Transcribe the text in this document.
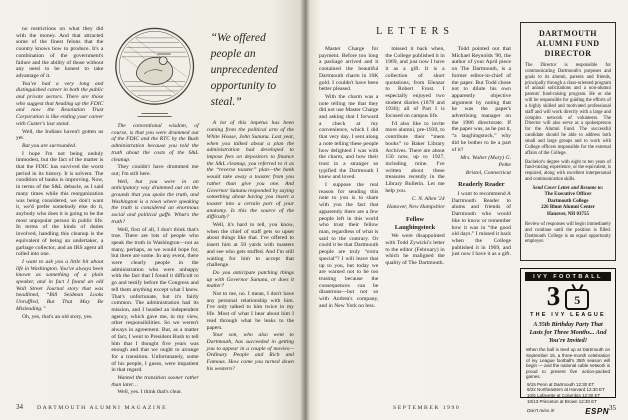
no restrictions on what they did with the money. And that attracted some of the finest felons that the country knows how to produce. It's a combination of the government's failure and the ability of those without any need to be honest to take advantage of it.

You've had a very long and distinguished career in both the public and private sectors. There are those who suggest that heading up the FDIC and now the Resolution Trust Corporation is like ending your career with Custer's last stand.

Well, the Indians haven't gotten us yet.

But you are surrounded.

I hope I'm not being unduly immodest, but the fact of the matter is that the FDIC has survived the worst period in its history. It is solvent. The condition of banks is improving. Now, in terms of the S&L debacle, as I said many times while this reorganization was being considered, we don't want it, we'd prefer somebody else do it, anybody who does it is going to be the most unpopular person in public life. In terms of the kinds of duties involved, handling this cleanup is the equivalent of being an undertaker, a garbage collector, and an IRS agent all rolled into one.

I want to ask you a little bit about life in Washington. You've always been known as something of a plain speaker, and in fact I found an old Wall Street Journal story that was headlined, “Bill Seidman Looks Unruffled, But That May Be Misleading.”

Oh, yes, that's an old story, yes.

The conventional wisdom, of course, is that you were drummed out of the FDIC and the RTC by the Bush administration because you told the truth about the costs of the S&L cleanup.

They couldn't have drummed me out; I'm still here.

Well, but you were in an anticipatory way drummed out on the grounds that you spoke the truth, and Washington is a town where speaking the truth is considered an enormous social and political gaffe. What's the truth?

Well, first of all, I don't think that's true. There are lots of people who speak the truth in Washington—not as many, perhaps, as we would hope for, but there are some. In any event, there were clearly people in the administration who were unhappy with the fact that I found it difficult to go and testify before the Congress and tell them anything except what I knew. That's unfortunate, but it's fairly common. The administration had its mission, and I headed an independent agency, which gave me, in my view, other responsibilities. So we weren't always in agreement. But, as a matter of fact, I went to President Bush to tell him that I thought five years was enough and that we ought to arrange for a transition. Unfortunately, some of his people, I guess, were impatient in that regard.

Wanted the transition sooner rather than later…

Well, yes. I think that's clear.

“We offered people an unprecedented opportunity to steal.”

A lot of this impetus has been coming from the political arm of the White House, John Sununu. Last year, when you talked about a plan the administration had developed to impose fees on depositors to finance the S&L cleanup, you referred to it as the “reverse toaster” plan—the bank would take away a toaster from you rather than give you one. And Governor Sununu responded by saying something about having you insert a toaster into a certain part of your anatomy. Is this the source of the difficulty?

Well, it's hard to tell, you know, when the chief of staff gets so upset about things like that. I've offered to insert him at 50 yards with toasters and see who gets stuffed. And I'm still waiting for him to accept that challenge.

Do you anticipate patching things up with Governor Sununu, or does it matter?

Not to me, no. I mean, I don't have any personal relationship with him. I've only talked to him twice in my life. Most of what I hear about him I read through what he leaks to the papers.

Your son, who also went to Dartmouth, has succeeded in getting you to appear in a couple of movies—Ordinary People and Rich and Famous. How come you turned down his western?

34	DARTMOUTH ALUMNI MAGAZINE
LETTERS

Master Charge for payment. Before too long a package arrived and it contained the beautiful Dartmouth charm in 10K gold. I couldn't have been better pleased.

With the charm was a note telling me that they did not use Master Charge and asking that I forward a check at my convenience, which I did that very day. I sent along a note telling these people how delighted I was with the charm, and how their trust in a stranger so typified the Dartmouth I knew and loved.

I suppose the real reason for sending this note to you is to share with you the fact that apparently there are a few people left in this world who trust their fellow man, regardless of what is said to the contrary. Or could it be that Dartmouth people are truly “extra special”? I will leave that up to you, but today we are warned not to be too trusting because the consequences can be disastrous—but not so with Andrea's company, and in New York no less.

missed it back when, the College published it in 1969, and just now I have it as a gift. It is a collection of short quotations, from Eleazar to Robert Frost. I especially enjoyed two student diaries (1878 and 1936); all of Part I is focused on campus life.

I'd also like to invite more alumni, pre-1930, to contribute their “mem books” to Baker Library Archives. There are about 150 now, up to 1927, including mine. I've written about these treasures recently in the Library Bulletin. Let me help you.

C. N. Allen '24

Hanover, New Hampshire

Fellow Laughingstock

We were disappointed with Todd Zywicki's letter to the editor (February) in which he maligned the quality of The Dartmouth.

Todd pointed out that Michael Reynolds '90, the author of your April piece on The Dartmouth, is a former editor-in-chief of the paper. But Todd chose not to dilute his own apparently objective argument by noting that he was the paper's advertising manager on the 1986 directorate. If the paper was, as he put it, “a laughingstock,” why did he bother to be a part of it?

Mrs. Walter (Mary) G. Petke

Bristol, Connecticut

Readerly Reader

I want to recommend A Dartmouth Reader to alums and friends of Dartmouth who would like to know or remember how it was in “the good old days.” I missed it back when the College published it in 1969, and just now I have it as a gift.

DARTMOUTH ALUMNI FUND DIRECTOR

The Director is responsible for communicating Dartmouth's purposes and goals to its alumni, parents and friends, principally through a class-oriented program of annual solicitations and a non-alumni parents' fund-raising program. He or she will be responsible for guiding the efforts of a highly skilled and motivated professional staff and will work directly with a large and complex network of volunteers. The Director will also serve as a spokesperson for the Alumni Fund. The successful candidate should be able to address both small and large groups and to work with College officers responsible for the external affairs of the College.

Bachelor's degree with eight to ten years of fund-raising experience, or the equivalent, is required, along with excellent interpersonal and communication skills.

Send Cover Letter and Resume to:

The Executive Officer
Dartmouth College
226 Blunt Alumni Center
Hanover, NH 03755

Review of responses will begin immediately and continue until the position is filled. Dartmouth College is an equal opportunity employer.

IVY FOOTBALL
3 5
THE IVY LEAGUE
A 35th Birthday Party That Lasts for Three Months... And You're Invited!

When the ball is teed up at Dartmouth on September 15, a three-month celebration of Ivy League football's 35th season will begin — and the national cable network is proud to present five action-packed games.

9/15 Penn at Dartmouth 12:30 ET
9/22 Northeastern at Harvard 12:30 ET
10/6 Lafayette at Columbia 12:30 ET
10/13 Princeton at Brown 12:30 ET
Don't miss it!	ESPN
SEPTEMBER 1990	35
